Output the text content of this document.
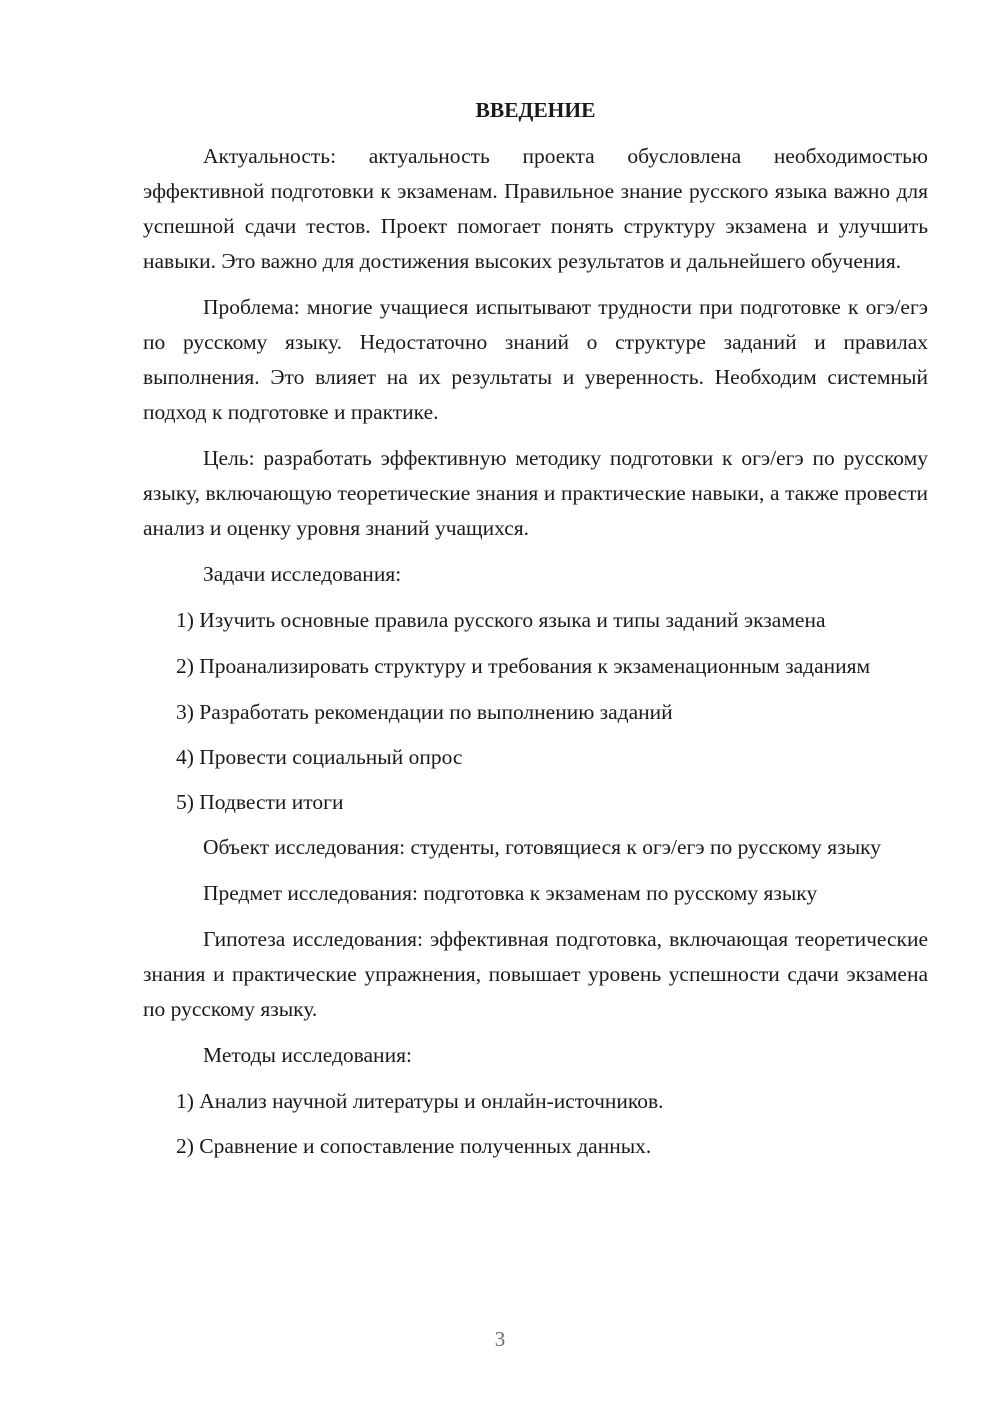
ВВЕДЕНИЕ

Актуальность: актуальность проекта обусловлена необходимостью эффективной подготовки к экзаменам. Правильное знание русского языка важно для успешной сдачи тестов. Проект помогает понять структуру экзамена и улучшить навыки. Это важно для достижения высоких результатов и дальнейшего обучения.

Проблема: многие учащиеся испытывают трудности при подготовке к огэ/егэ по русскому языку. Недостаточно знаний о структуре заданий и правилах выполнения. Это влияет на их результаты и уверенность. Необходим системный подход к подготовке и практике.

Цель: разработать эффективную методику подготовки к огэ/егэ по русскому языку, включающую теоретические знания и практические навыки, а также провести анализ и оценку уровня знаний учащихся.

Задачи исследования:

1) Изучить основные правила русского языка и типы заданий экзамена

2) Проанализировать структуру и требования к экзаменационным заданиям

3) Разработать рекомендации по выполнению заданий

4) Провести социальный опрос

5) Подвести итоги

Объект исследования: студенты, готовящиеся к огэ/егэ по русскому языку

Предмет исследования: подготовка к экзаменам по русскому языку

Гипотеза исследования: эффективная подготовка, включающая теоретические знания и практические упражнения, повышает уровень успешности сдачи экзамена по русскому языку.

Методы исследования:

1) Анализ научной литературы и онлайн-источников.

2) Сравнение и сопоставление полученных данных.

3
